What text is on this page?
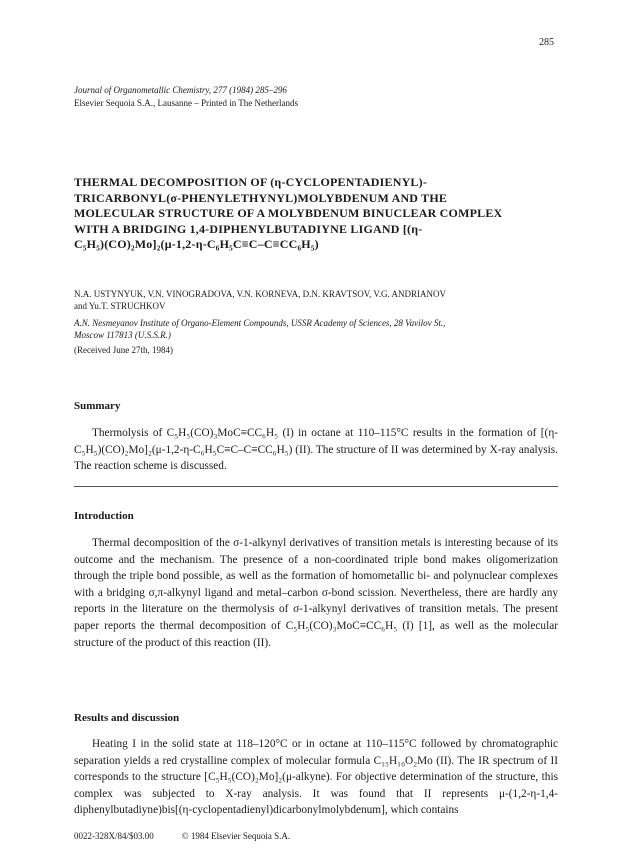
285
Journal of Organometallic Chemistry, 277 (1984) 285–296
Elsevier Sequoia S.A., Lausanne – Printed in The Netherlands
THERMAL DECOMPOSITION OF (η-CYCLOPENTADIENYL)-
TRICARBONYL(σ-PHENYLETHYNYL)MOLYBDENUM AND THE
MOLECULAR STRUCTURE OF A MOLYBDENUM BINUCLEAR COMPLEX
WITH A BRIDGING 1,4-DIPHENYLBUTADIYNE LIGAND [(η-
C₅H₅)(CO)₂Mo]₂(μ-1,2-η-C₆H₅C≡C–C≡CC₆H₅)
N.A. USTYNYUK, V.N. VINOGRADOVA, V.N. KORNEVA, D.N. KRAVTSOV, V.G. ANDRIANOV
and Yu.T. STRUCHKOV
A.N. Nesmeyanov Institute of Organo-Element Compounds, USSR Academy of Sciences, 28 Vavilov St.,
Moscow 117813 (U.S.S.R.)
(Received June 27th, 1984)
Summary

Thermolysis of C₅H₅(CO)₃MoC≡CC₆H₅ (I) in octane at 110–115°C results in the formation of [(η-C₅H₅)(CO)₂Mo]₂(μ-1,2-η-C₆H₅C≡C–C≡CC₆H₅) (II). The structure of II was determined by X-ray analysis. The reaction scheme is discussed.

Introduction

Thermal decomposition of the σ-1-alkynyl derivatives of transition metals is interesting because of its outcome and the mechanism. The presence of a non-coordinated triple bond makes oligomerization through the triple bond possible, as well as the formation of homometallic bi- and polynuclear complexes with a bridging σ,π-alkynyl ligand and metal–carbon σ-bond scission. Nevertheless, there are hardly any reports in the literature on the thermolysis of σ-1-alkynyl derivatives of transition metals. The present paper reports the thermal decomposition of C₅H₅(CO)₃MoC≡CC₆H₅ (I) [1], as well as the molecular structure of the product of this reaction (II).

Results and discussion

Heating I in the solid state at 118–120°C or in octane at 110–115°C followed by chromatographic separation yields a red crystalline complex of molecular formula C₁₅H₁₀O₂Mo (II). The IR spectrum of II corresponds to the structure [C₅H₅(CO)₂Mo]₂(μ-alkyne). For objective determination of the structure, this complex was subjected to X-ray analysis. It was found that II represents μ-(1,2-η-1,4-diphenylbutadiyne)bis[(η-cyclopentadienyl)dicarbonylmolybdenum], which contains

0022-328X/84/$03.00	© 1984 Elsevier Sequoia S.A.
